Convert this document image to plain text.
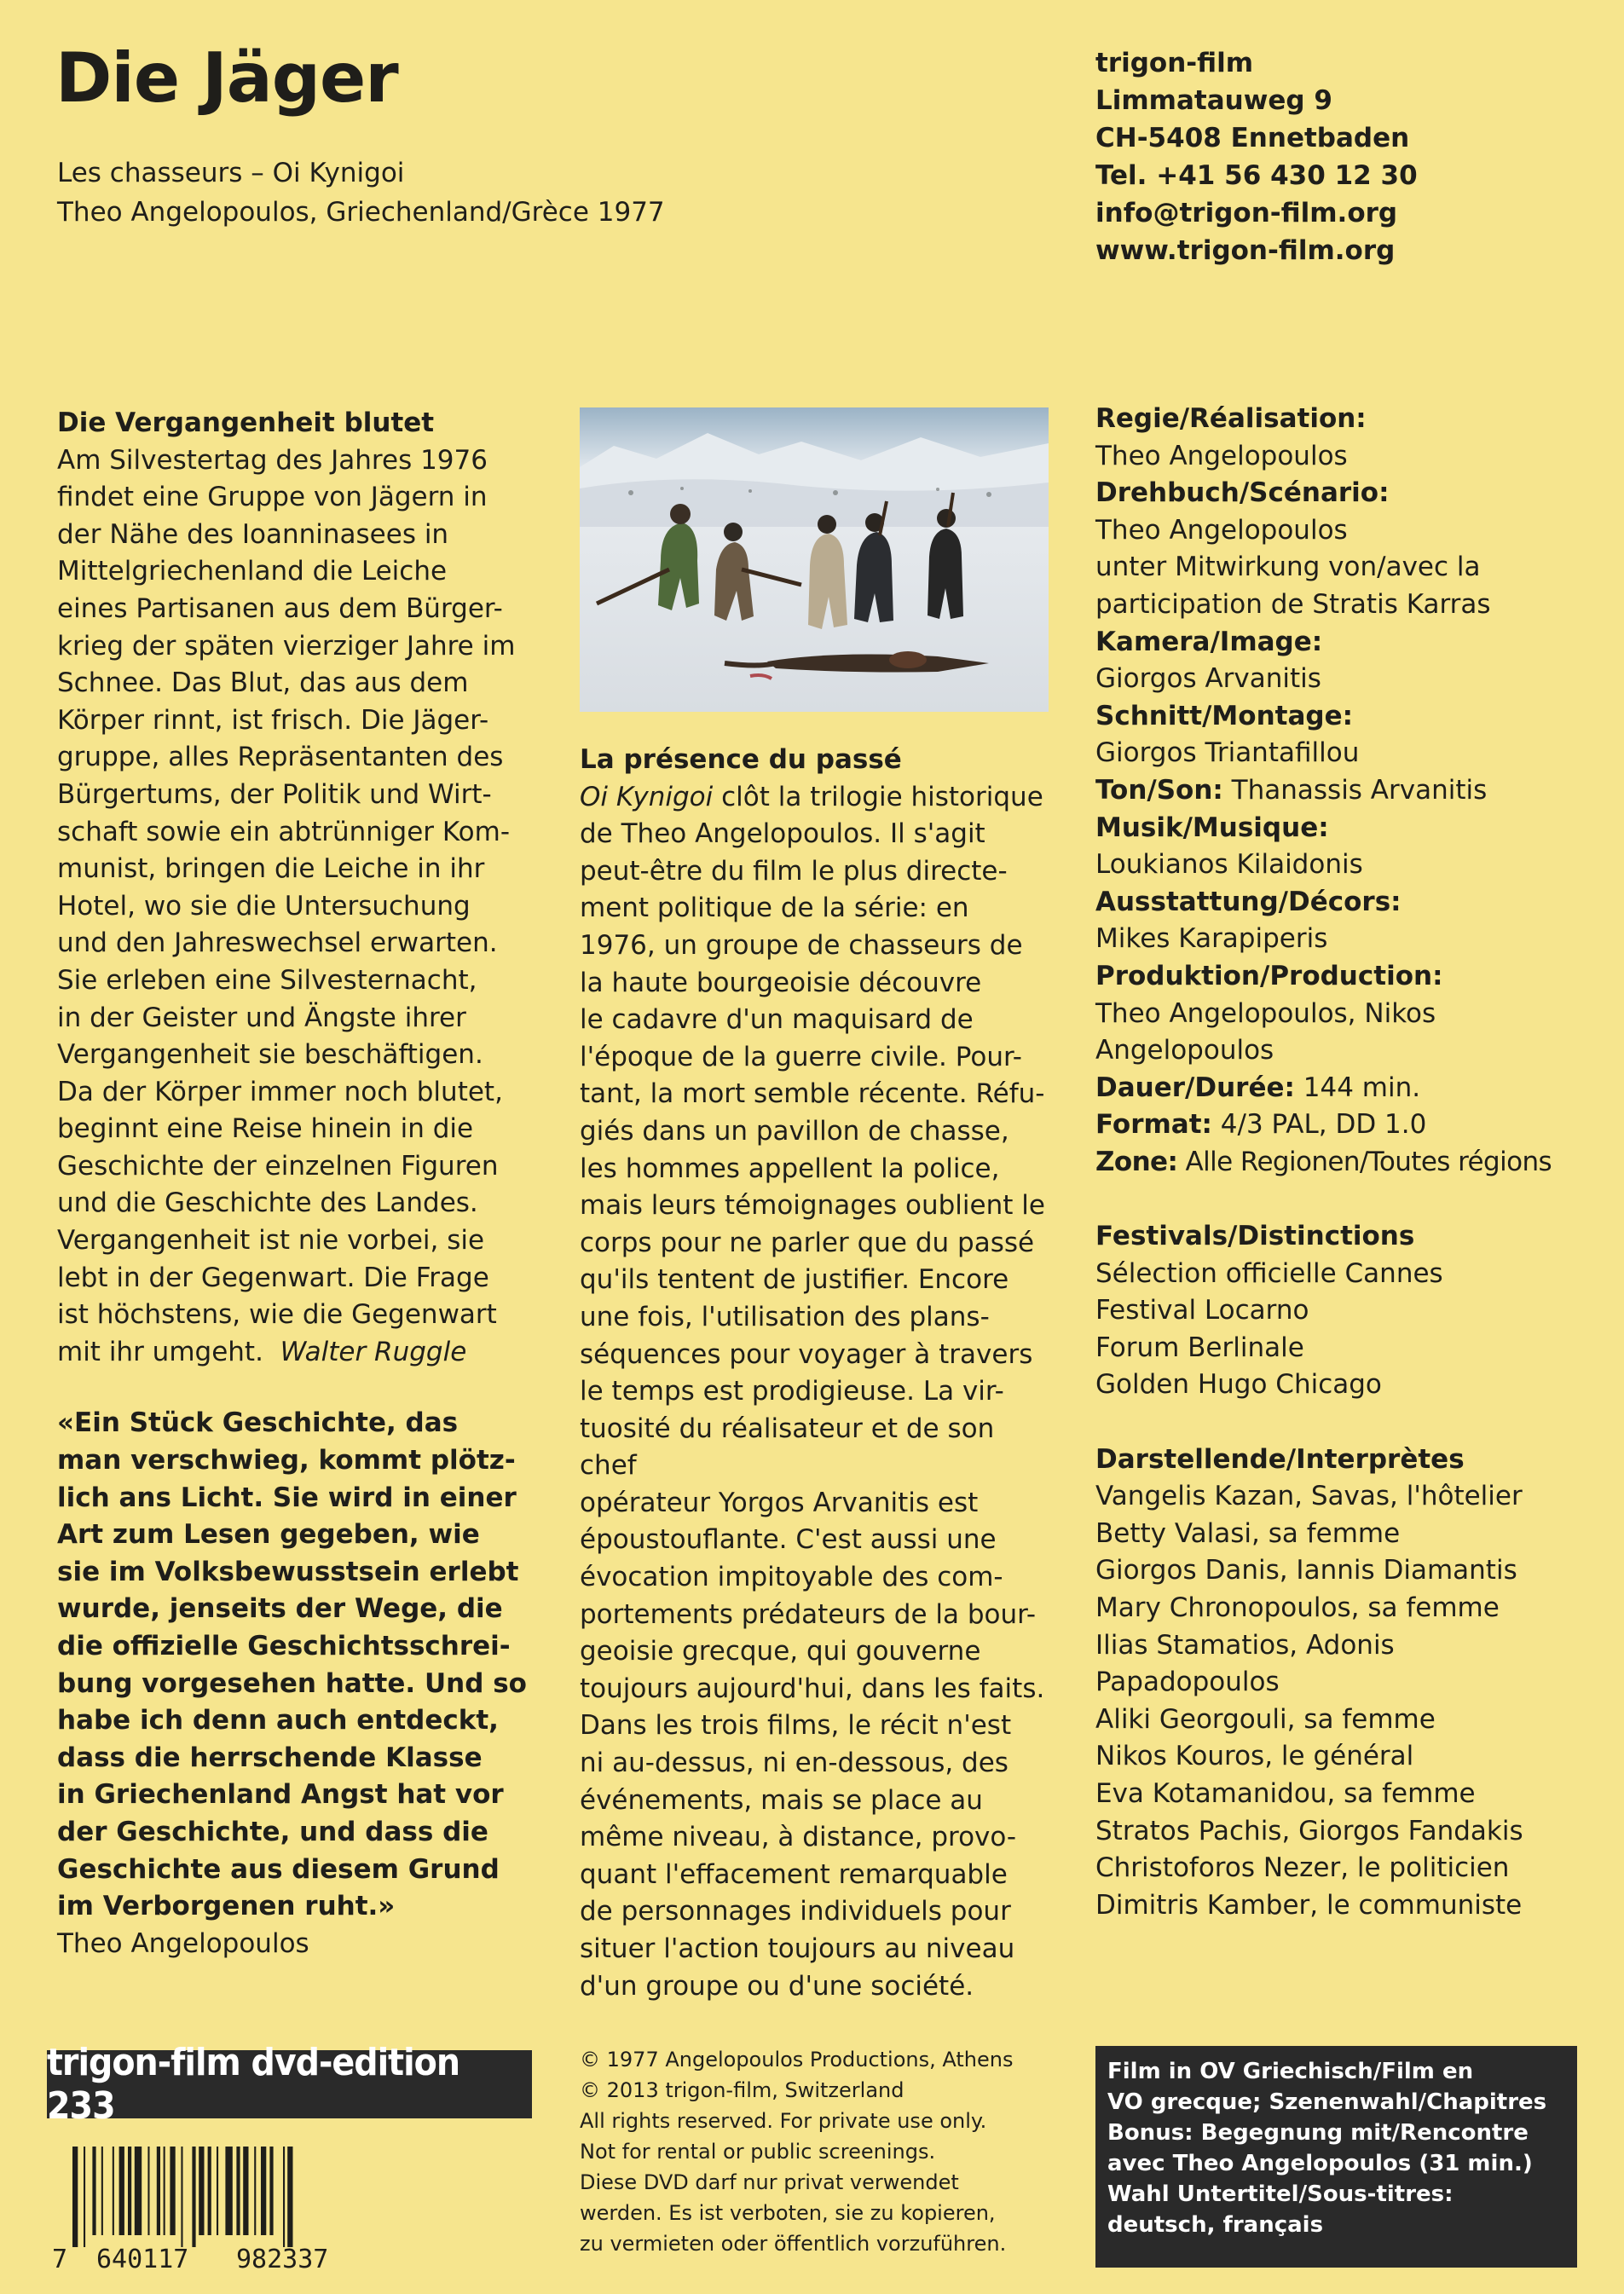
Die Jäger
Les chasseurs – Oi Kynigoi
Theo Angelopoulos, Griechenland/Grèce 1977
trigon-film
Limmatauweg 9
CH-5408 Ennetbaden
Tel. +41 56 430 12 30
info@trigon-film.org
www.trigon-film.org
Die Vergangenheit blutet
Am Silvestertag des Jahres 1976
findet eine Gruppe von Jägern in
der Nähe des Ioanninasees in
Mittelgriechenland die Leiche
eines Partisanen aus dem Bürger-
krieg der späten vierziger Jahre im
Schnee. Das Blut, das aus dem
Körper rinnt, ist frisch. Die Jäger-
gruppe, alles Repräsentanten des
Bürgertums, der Politik und Wirt-
schaft sowie ein abtrünniger Kom-
munist, bringen die Leiche in ihr
Hotel, wo sie die Untersuchung
und den Jahreswechsel erwarten.
Sie erleben eine Silvesternacht,
in der Geister und Ängste ihrer
Vergangenheit sie beschäftigen.
Da der Körper immer noch blutet,
beginnt eine Reise hinein in die
Geschichte der einzelnen Figuren
und die Geschichte des Landes.
Vergangenheit ist nie vorbei, sie
lebt in der Gegenwart. Die Frage
ist höchstens, wie die Gegenwart
mit ihr umgeht. Walter Ruggle
«Ein Stück Geschichte, das
man verschwieg, kommt plötz-
lich ans Licht. Sie wird in einer
Art zum Lesen gegeben, wie
sie im Volksbewusstsein erlebt
wurde, jenseits der Wege, die
die offizielle Geschichtsschrei-
bung vorgesehen hatte. Und so
habe ich denn auch entdeckt,
dass die herrschende Klasse
in Griechenland Angst hat vor
der Geschichte, und dass die
Geschichte aus diesem Grund
im Verborgenen ruht.»
Theo Angelopoulos
La présence du passé
Oi Kynigoi clôt la trilogie historique
de Theo Angelopoulos. Il s'agit
peut-être du film le plus directe-
ment politique de la série: en
1976, un groupe de chasseurs de
la haute bourgeoisie découvre
le cadavre d'un maquisard de
l'époque de la guerre civile. Pour-
tant, la mort semble récente. Réfu-
giés dans un pavillon de chasse,
les hommes appellent la police,
mais leurs témoignages oublient le
corps pour ne parler que du passé
qu'ils tentent de justifier. Encore
une fois, l'utilisation des plans-
séquences pour voyager à travers
le temps est prodigieuse. La vir-
tuosité du réalisateur et de son chef
opérateur Yorgos Arvanitis est
époustouflante. C'est aussi une
évocation impitoyable des com-
portements prédateurs de la bour-
geoisie grecque, qui gouverne
toujours aujourd'hui, dans les faits.
Dans les trois films, le récit n'est
ni au-dessus, ni en-dessous, des
événements, mais se place au
même niveau, à distance, provo-
quant l'effacement remarquable
de personnages individuels pour
situer l'action toujours au niveau
d'un groupe ou d'une société.
Regie/Réalisation:
Theo Angelopoulos
Drehbuch/Scénario:
Theo Angelopoulos
unter Mitwirkung von/avec la
participation de Stratis Karras
Kamera/Image:
Giorgos Arvanitis
Schnitt/Montage:
Giorgos Triantafillou
Ton/Son: Thanassis Arvanitis
Musik/Musique:
Loukianos Kilaidonis
Ausstattung/Décors:
Mikes Karapiperis
Produktion/Production:
Theo Angelopoulos, Nikos
Angelopoulos
Dauer/Durée: 144 min.
Format: 4/3 PAL, DD 1.0
Zone: Alle Regionen/Toutes régions
Festivals/Distinctions
Sélection officielle Cannes
Festival Locarno
Forum Berlinale
Golden Hugo Chicago
Darstellende/Interprètes
Vangelis Kazan, Savas, l'hôtelier
Betty Valasi, sa femme
Giorgos Danis, Iannis Diamantis
Mary Chronopoulos, sa femme
Ilias Stamatios, Adonis
Papadopoulos
Aliki Georgouli, sa femme
Nikos Kouros, le général
Eva Kotamanidou, sa femme
Stratos Pachis, Giorgos Fandakis
Christoforos Nezer, le politicien
Dimitris Kamber, le communiste
trigon-film dvd-edition 233
7 640117 982337
© 1977 Angelopoulos Productions, Athens
© 2013 trigon-film, Switzerland
All rights reserved. For private use only.
Not for rental or public screenings.
Diese DVD darf nur privat verwendet
werden. Es ist verboten, sie zu kopieren,
zu vermieten oder öffentlich vorzuführen.
Film in OV Griechisch/Film en
VO grecque; Szenenwahl/Chapitres
Bonus: Begegnung mit/Rencontre
avec Theo Angelopoulos (31 min.)
Wahl Untertitel/Sous-titres:
deutsch, français
